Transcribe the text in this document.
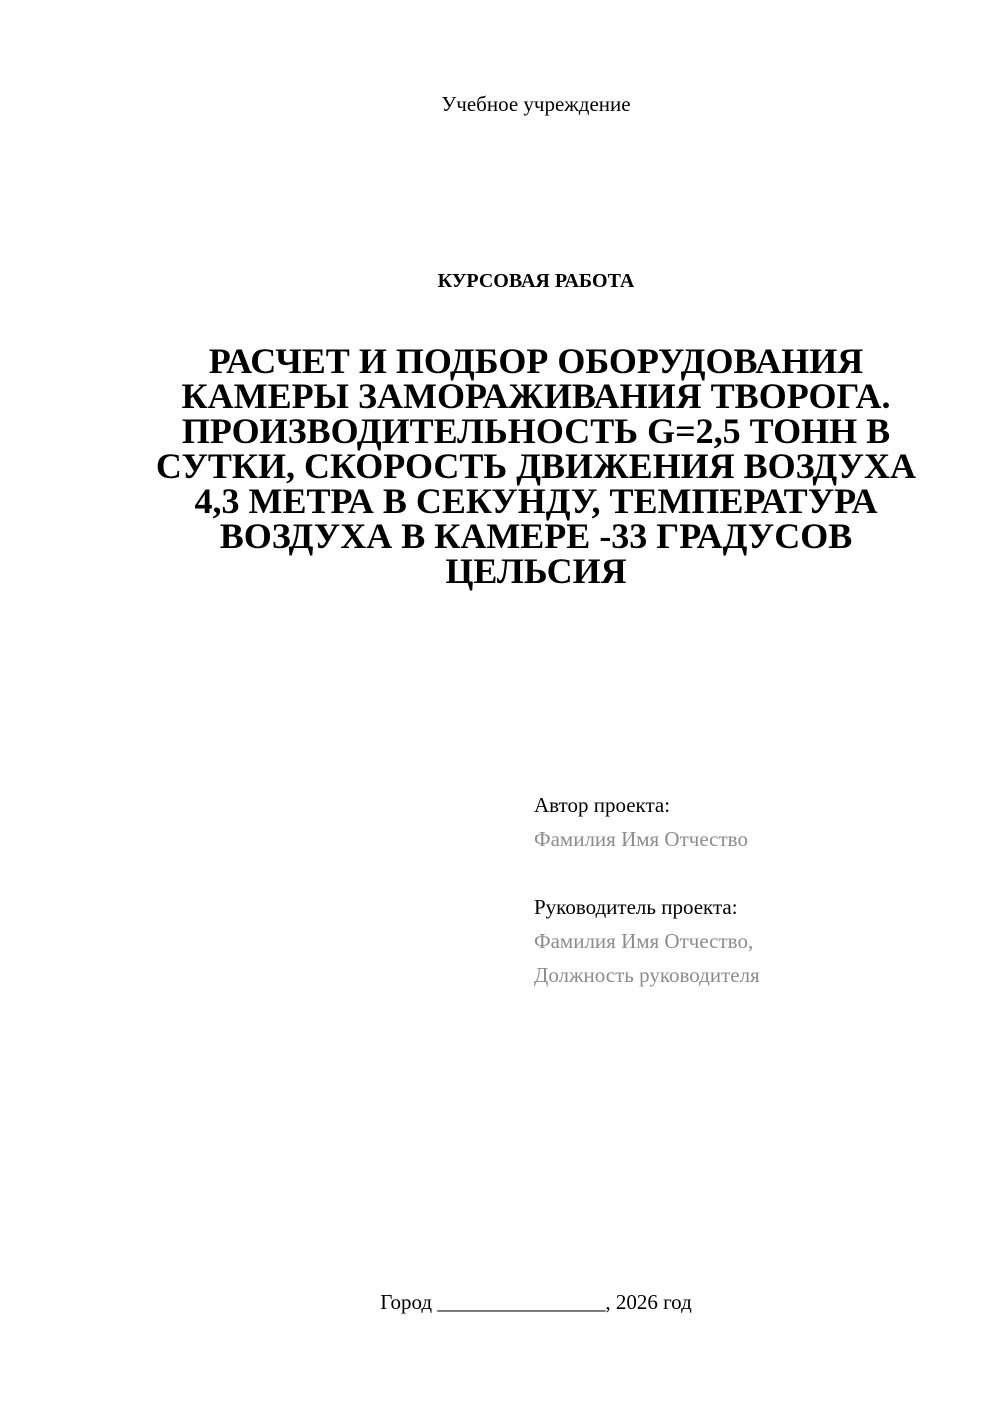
Учебное учреждение
КУРСОВАЯ РАБОТА
РАСЧЕТ И ПОДБОР ОБОРУДОВАНИЯ КАМЕРЫ ЗАМОРАЖИВАНИЯ ТВОРОГА. ПРОИЗВОДИТЕЛЬНОСТЬ G=2,5 ТОНН В СУТКИ, СКОРОСТЬ ДВИЖЕНИЯ ВОЗДУХА 4,3 МЕТРА В СЕКУНДУ, ТЕМПЕРАТУРА ВОЗДУХА В КАМЕРЕ -33 ГРАДУСОВ ЦЕЛЬСИЯ
Автор проекта:
Фамилия Имя Отчество
Руководитель проекта:
Фамилия Имя Отчество,
Должность руководителя
Город ________________, 2026 год
